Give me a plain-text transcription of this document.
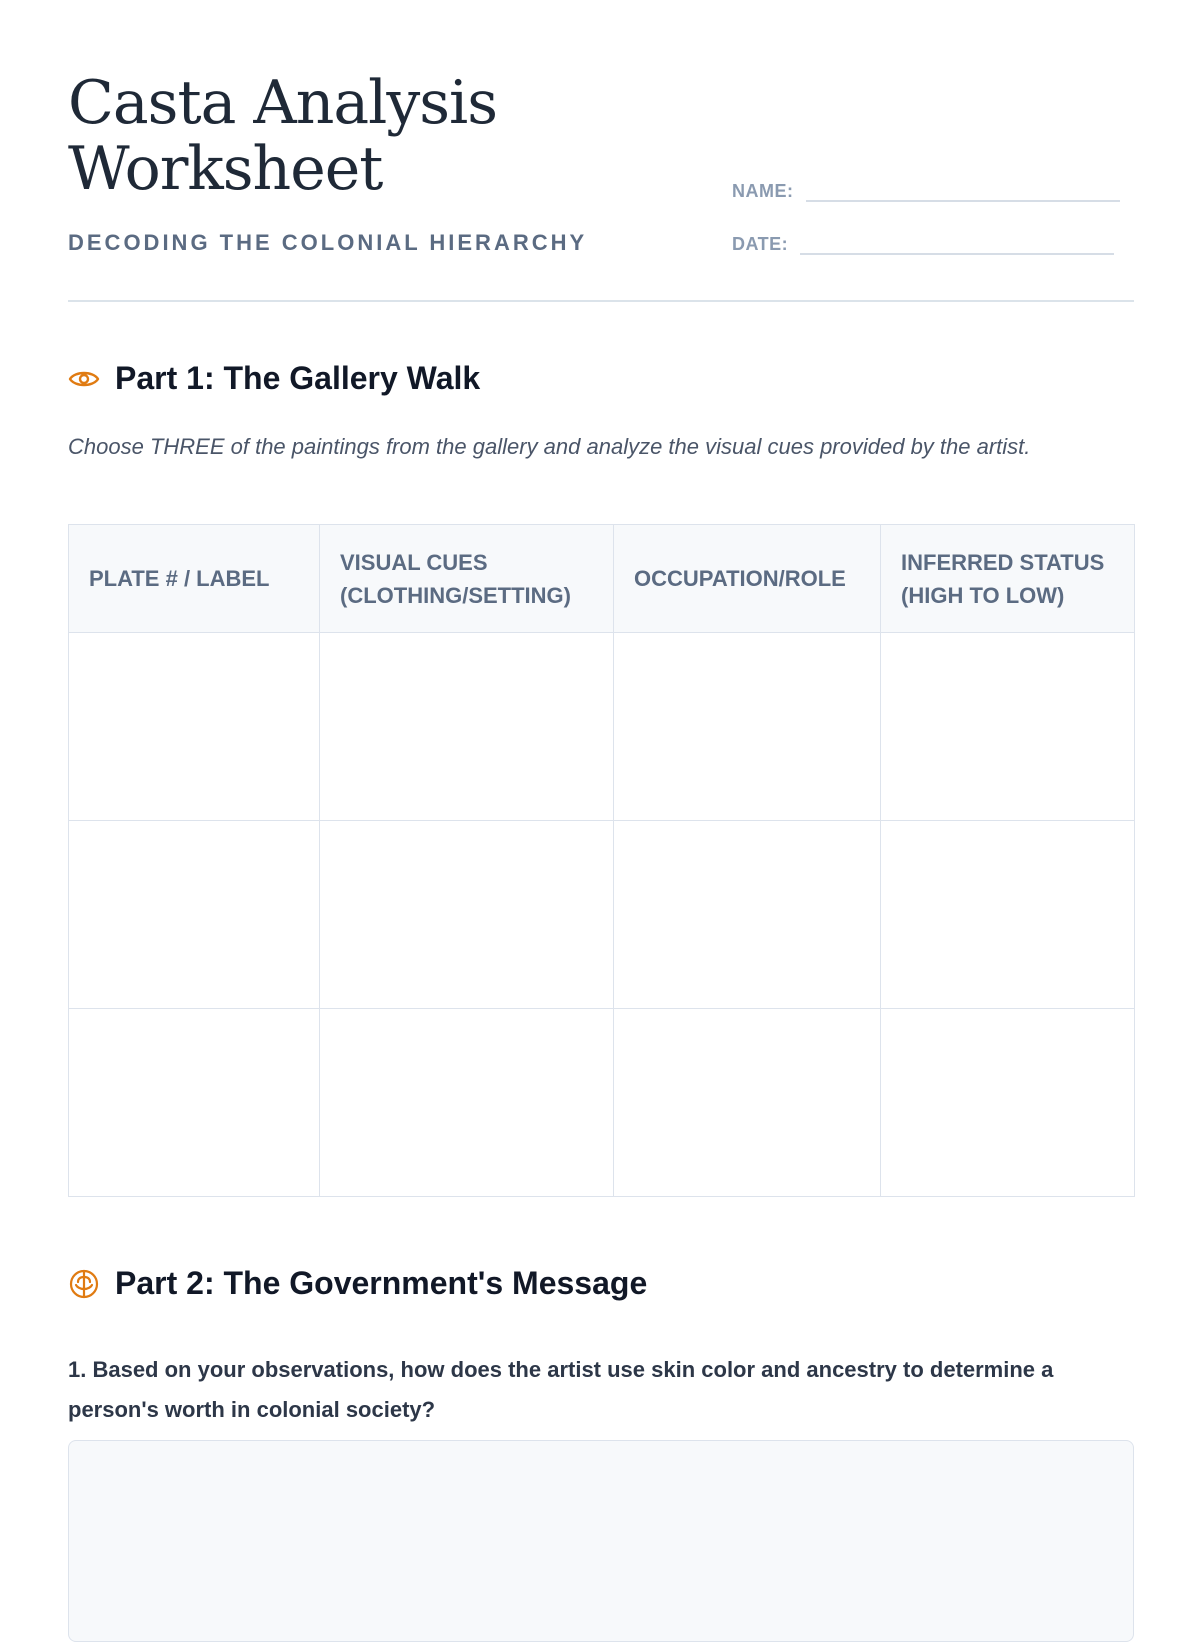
Casta Analysis
Worksheet
DECODING THE COLONIAL HIERARCHY
NAME:
DATE:
Part 1: The Gallery Walk

Choose THREE of the paintings from the gallery and analyze the visual cues provided by the artist.

PLATE # / LABEL	VISUAL CUES (CLOTHING/SETTING)	OCCUPATION/ROLE	INFERRED STATUS (HIGH TO LOW)

Part 2: The Government's Message

1. Based on your observations, how does the artist use skin color and ancestry to determine a person's worth in colonial society?
